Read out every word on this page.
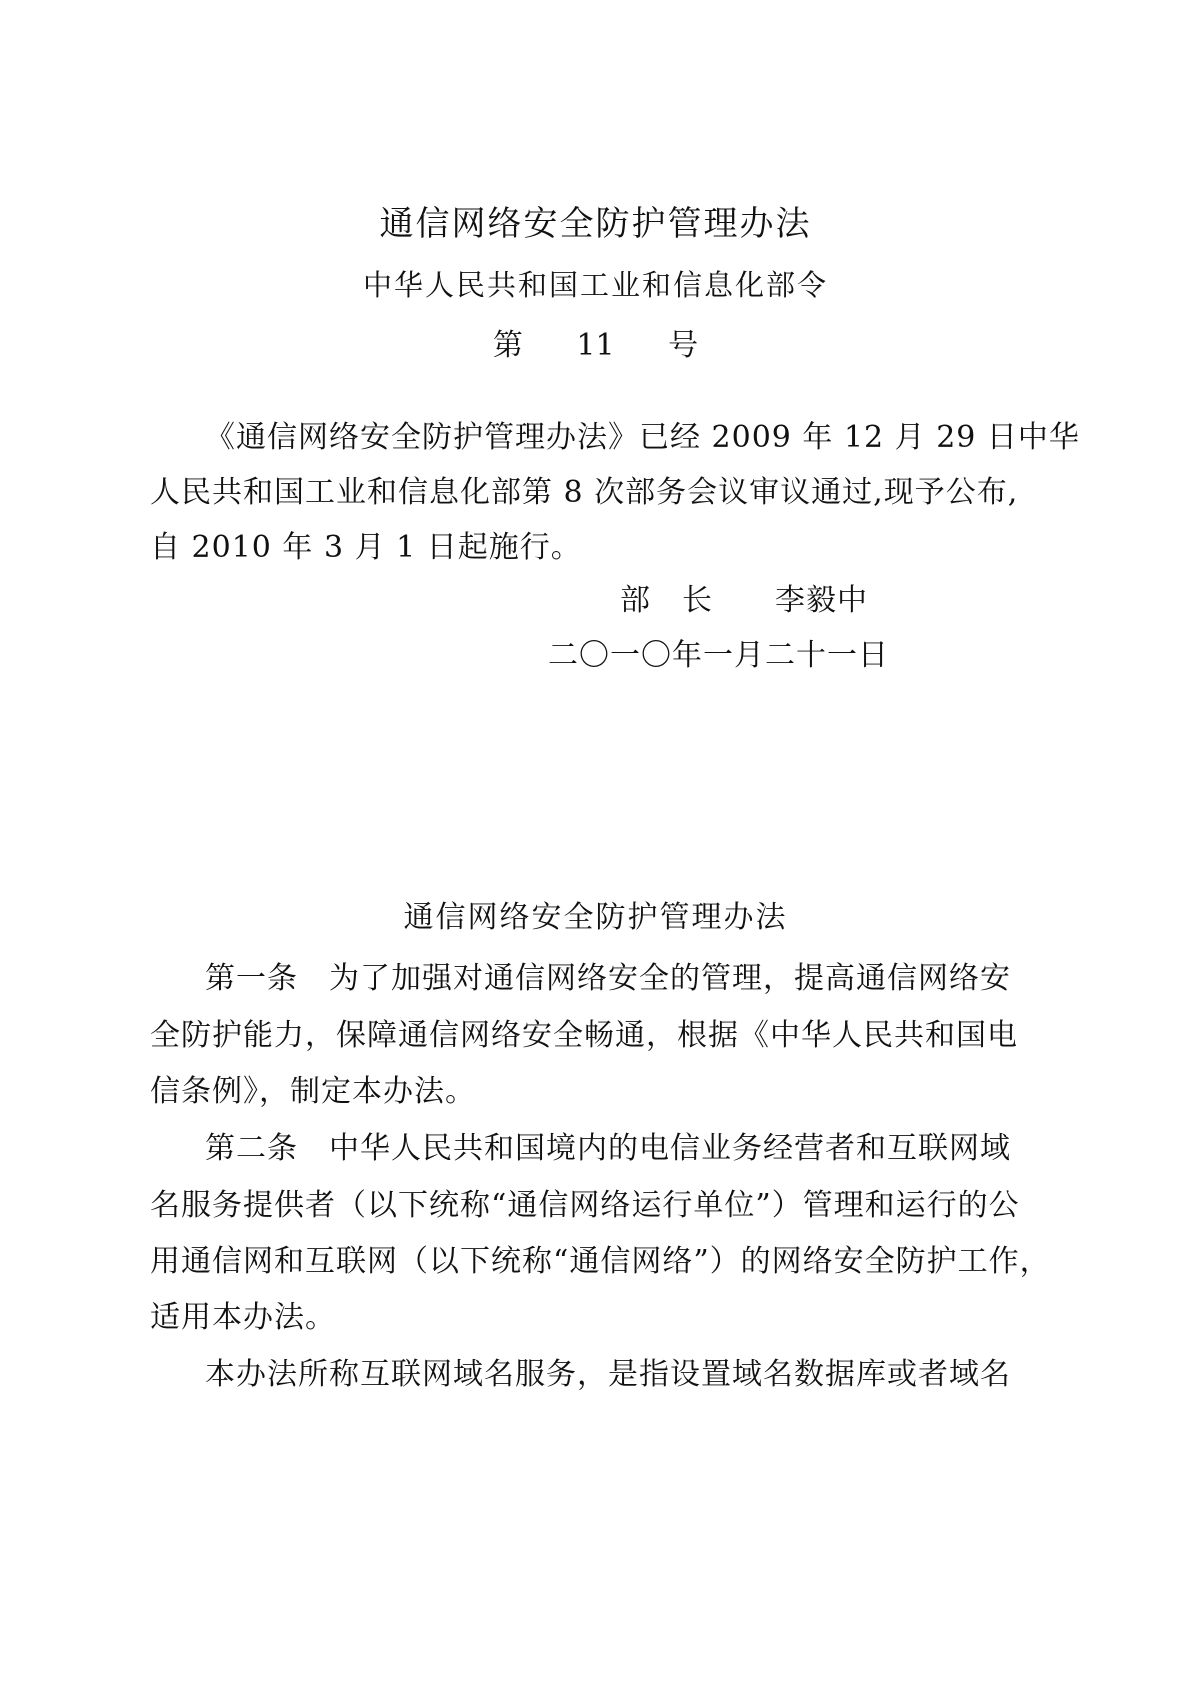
通信网络安全防护管理办法
中华人民共和国工业和信息化部令
第 11 号
《通信网络安全防护管理办法》已经 2009 年 12 月 29 日中华
人民共和国工业和信息化部第 8 次部务会议审议通过,现予公布,
自 2010 年 3 月 1 日起施行。
部　长　　李毅中
二〇一〇年一月二十一日
通信网络安全防护管理办法
第一条　为了加强对通信网络安全的管理，提高通信网络安
全防护能力，保障通信网络安全畅通，根据《中华人民共和国电
信条例》，制定本办法。
第二条　中华人民共和国境内的电信业务经营者和互联网域
名服务提供者（以下统称“通信网络运行单位”）管理和运行的公
用通信网和互联网（以下统称“通信网络”）的网络安全防护工作，
适用本办法。
本办法所称互联网域名服务，是指设置域名数据库或者域名
